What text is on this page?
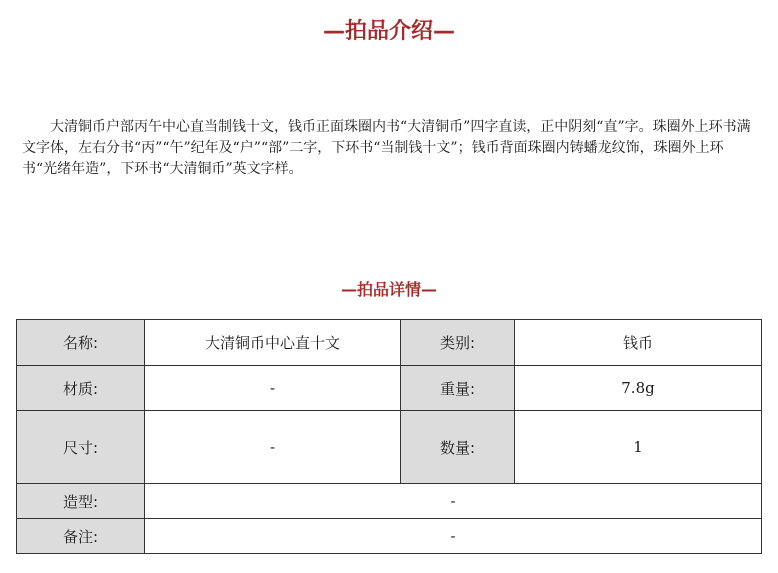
—拍品介绍—

大清铜币户部丙午中心直当制钱十文，钱币正面珠圈内书“大清铜币”四字直读，正中阴刻“直”字。珠圈外上环书满文字体，左右分书“丙”“午”纪年及“户”“部”二字，下环书“当制钱十文”；钱币背面珠圈内铸蟠龙纹饰，珠圈外上环书“光绪年造”，下环书“大清铜币”英文字样。

—拍品详情—
名称:	大清铜币中心直十文	类别:	钱币
材质:	-	重量:	7.8g
尺寸:	-	数量:	1
造型:	-		
备注:	-		
